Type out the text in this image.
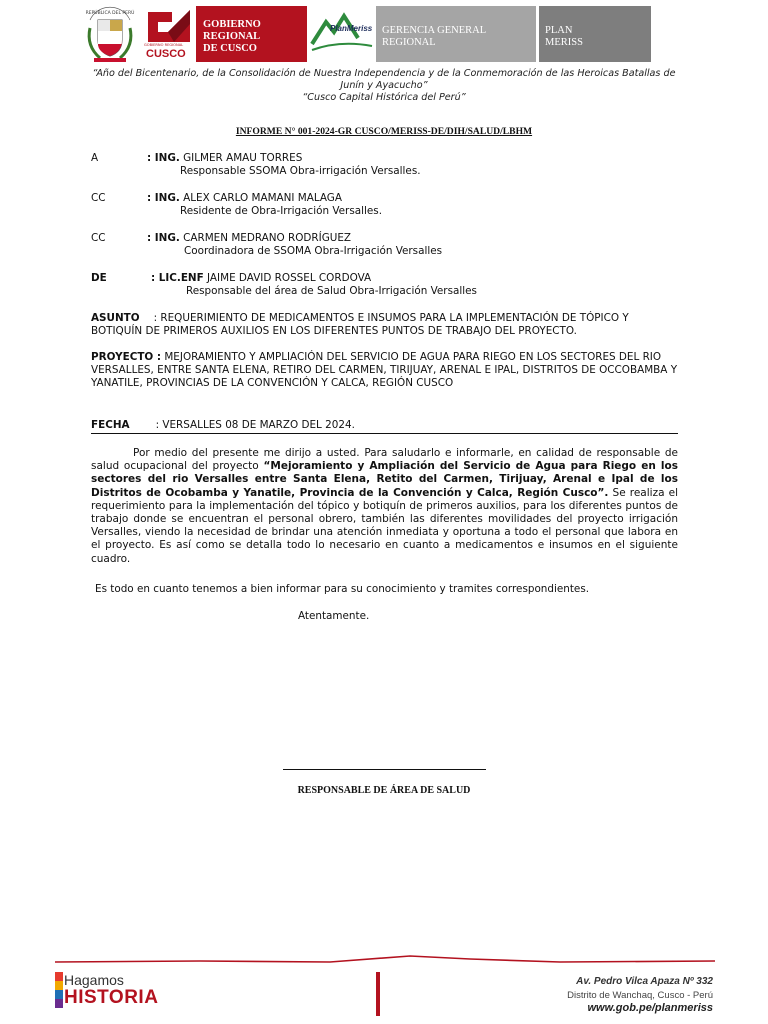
REPÚBLICA DEL PERÚ
GOBIERNO REGIONAL
CUSCO
GOBIERNO
REGIONAL
DE CUSCO
PlanMeriss GERENCIA GENERAL
REGIONAL
PLAN
MERISS
“Año del Bicentenario, de la Consolidación de Nuestra Independencia y de la Conmemoración de las Heroicas Batallas de
Junín y Ayacucho”
“Cusco Capital Histórica del Perú”
INFORME N° 001-2024-GR CUSCO/MERISS-DE/DIH/SALUD/LBHM
A	: ING. GILMER AMAU TORRES
Responsable SSOMA Obra-irrigación Versalles.
CC	: ING. ALEX CARLO MAMANI MALAGA
Residente de Obra-Irrigación Versalles.
CC	: ING. CARMEN MEDRANO RODRÍGUEZ
Coordinadora de SSOMA Obra-Irrigación Versalles
DE	: LIC.ENF JAIME DAVID ROSSEL CORDOVA
Responsable del área de Salud Obra-Irrigación Versalles
ASUNTO : REQUERIMIENTO DE MEDICAMENTOS E INSUMOS PARA LA IMPLEMENTACIÓN DE TÓPICO Y BOTIQUÍN DE PRIMEROS AUXILIOS EN LOS DIFERENTES PUNTOS DE TRABAJO DEL PROYECTO.
PROYECTO : MEJORAMIENTO Y AMPLIACIÓN DEL SERVICIO DE AGUA PARA RIEGO EN LOS SECTORES DEL RIO VERSALLES, ENTRE SANTA ELENA, RETIRO DEL CARMEN, TIRIJUAY, ARENAL E IPAL, DISTRITOS DE OCCOBAMBA Y YANATILE, PROVINCIAS DE LA CONVENCIÓN Y CALCA, REGIÓN CUSCO
FECHA	: VERSALLES 08 DE MARZO DEL 2024.
Por medio del presente me dirijo a usted. Para saludarlo e informarle, en calidad de responsable de salud ocupacional del proyecto “Mejoramiento y Ampliación del Servicio de Agua para Riego en los sectores del rio Versalles entre Santa Elena, Retito del Carmen, Tirijuay, Arenal e Ipal de los Distritos de Ocobamba y Yanatile, Provincia de la Convención y Calca, Región Cusco”. Se realiza el requerimiento para la implementación del tópico y botiquín de primeros auxilios, para los diferentes puntos de trabajo donde se encuentran el personal obrero, también las diferentes movilidades del proyecto irrigación Versalles, viendo la necesidad de brindar una atención inmediata y oportuna a todo el personal que labora en el proyecto. Es así como se detalla todo lo necesario en cuanto a medicamentos e insumos en el siguiente cuadro.
Es todo en cuanto tenemos a bien informar para su conocimiento y tramites correspondientes.
Atentamente.
RESPONSABLE DE ÁREA DE SALUD
Hagamos
HISTORIA
Av. Pedro Vilca Apaza Nº 332
Distrito de Wanchaq, Cusco - Perú
www.gob.pe/planmeriss
